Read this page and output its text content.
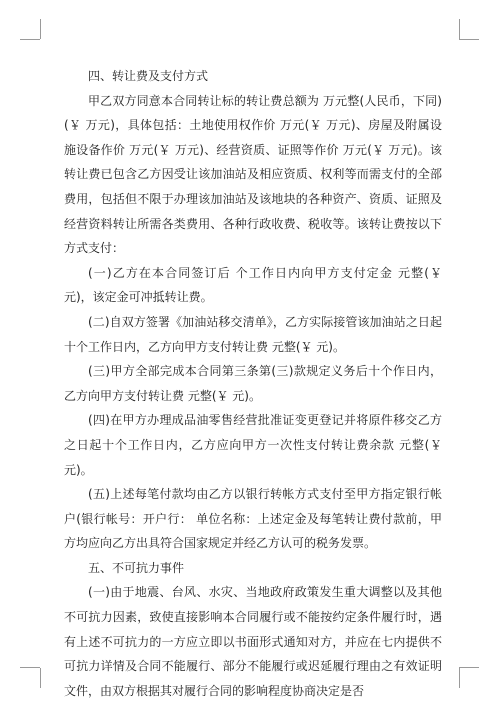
四、转让费及支付方式

甲乙双方同意本合同转让标的转让费总额为 万元整(人民币，下同)(￥ 万元)，具体包括：土地使用权作价 万元(￥ 万元)、房屋及附属设施设备作价 万元(￥ 万元)、经营资质、证照等作价 万元(￥ 万元)。该转让费已包含乙方因受让该加油站及相应资质、权利等而需支付的全部费用，包括但不限于办理该加油站及该地块的各种资产、资质、证照及经营资料转让所需各类费用、各种行政收费、税收等。该转让费按以下方式支付：

(一)乙方在本合同签订后 个工作日内向甲方支付定金 元整(￥ 元)，该定金可冲抵转让费。

(二)自双方签署《加油站移交清单》，乙方实际接管该加油站之日起十个工作日内，乙方向甲方支付转让费 元整(￥ 元)。

(三)甲方全部完成本合同第三条第(三)款规定义务后十个作日内，乙方向甲方支付转让费 元整(￥ 元)。

(四)在甲方办理成品油零售经营批准证变更登记并将原件移交乙方之日起十个工作日内，乙方应向甲方一次性支付转让费余款 元整(￥ 元)。

(五)上述每笔付款均由乙方以银行转帐方式支付至甲方指定银行帐户(银行帐号：开户行： 单位名称：上述定金及每笔转让费付款前，甲方均应向乙方出具符合国家规定并经乙方认可的税务发票。

五、不可抗力事件

(一)由于地震、台风、水灾、当地政府政策发生重大调整以及其他不可抗力因素，致使直接影响本合同履行或不能按约定条件履行时，遇有上述不可抗力的一方应立即以书面形式通知对方，并应在七内提供不可抗力详情及合同不能履行、部分不能履行或迟延履行理由之有效证明文件，由双方根据其对履行合同的影响程度协商决定是否
